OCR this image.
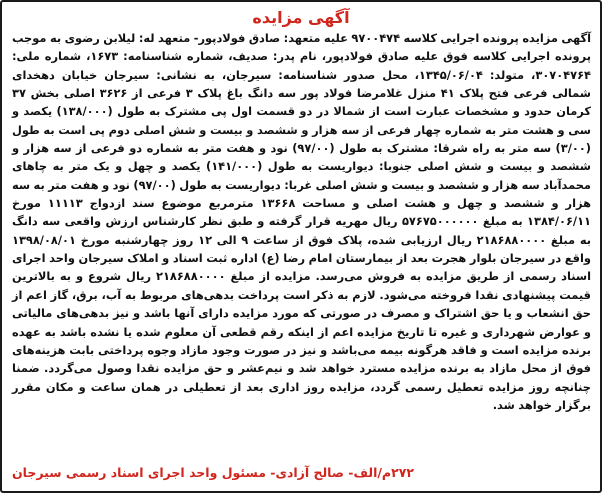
آگهی مزایده

آگهی مزایده پرونده اجرایی کلاسه ۹۷۰۰۴۷۴ علیه متعهد: صادق فولادپور- متعهد له: لیلابن رضوی به موجب پرونده اجرایی کلاسه فوق علیه صادق فولادپور، نام پدر: صدیف، شماره شناسنامه: ۱۶۷۳، شماره ملی: ۳۰۷۰۴۷۶۴، متولد: ۱۳۴۵/۰۶/۰۴، محل صدور شناسنامه: سیرجان، به نشانی: سیرجان خیابان دهخدای شمالی فرعی فتح پلاک ۴۱ منزل غلامرضا فولاد پور سه دانگ باغ پلاک ۳ فرعی از ۳۶۲۶ اصلی بخش ۳۷ کرمان حدود و مشخصات عبارت است از شمالا در دو قسمت اول پی مشترک به طول (۱۳۸/۰۰۰) یکصد و سی و هشت متر به شماره چهار فرعی از سه هزار و ششصد و بیست و شش اصلی دوم پی است به طول (۳/۰۰) سه متر به راه شرقا: مشترک به طول (۹۷/۰۰) نود و هفت متر به شماره دو فرعی از سه هزار و ششصد و بیست و شش اصلی جنوبا: دیواریست به طول (۱۴۱/۰۰۰) یکصد و چهل و یک متر به چاهای محمدآباد سه هزار و ششصد و بیست و شش اصلی غربا: دیواریست به طول (۹۷/۰۰) نود و هفت متر به سه هزار و ششصد و چهل و هشت اصلی و مساحت ۱۳۶۶۸ مترمربع موضوع سند ازدواج ۱۱۱۱۳ مورخ ۱۳۸۴/۰۶/۱۱ به مبلغ ۵۷۶۷۵۰۰۰۰۰۰ ریال مهریه قرار گرفته و طبق نظر کارشناس ارزش واقعی سه دانگ به مبلغ ۲۱۸۶۸۸۰۰۰۰ ریال ارزیابی شده، پلاک فوق از ساعت ۹ الی ۱۲ روز چهارشنبه مورخ ۱۳۹۸/۰۸/۰۱ واقع در سیرجان بلوار هجرت بعد از بیمارستان امام رضا (ع) اداره ثبت اسناد و املاک سیرجان واحد اجرای اسناد رسمی از طریق مزایده به فروش می‌رسد. مزایده از مبلغ ۲۱۸۶۸۸۰۰۰۰ ریال شروع و به بالاترین قیمت پیشنهادی نقدا فروخته می‌شود. لازم به ذکر است پرداخت بدهی‌های مربوط به آب، برق، گاز اعم از حق انشعاب و یا حق اشتراک و مصرف در صورتی که مورد مزایده دارای آنها باشد و نیز بدهی‌های مالیاتی و عوارض شهرداری و غیره تا تاریخ مزایده اعم از اینکه رقم قطعی آن معلوم شده یا نشده باشد به عهده برنده مزایده است و فاقد هرگونه بیمه می‌باشد و نیز در صورت وجود مازاد وجوه پرداختی بابت هزینه‌های فوق از محل مازاد به برنده مزایده مسترد خواهد شد و نیم‌عشر و حق مزایده نقدا وصول می‌گردد. ضمنا چنانچه روز مزایده تعطیل رسمی گردد، مزایده روز اداری بعد از تعطیلی در همان ساعت و مکان مقرر برگزار خواهد شد.

۲۷۲م/الف- صالح آزادی- مسئول واحد اجرای اسناد رسمی سیرجان
